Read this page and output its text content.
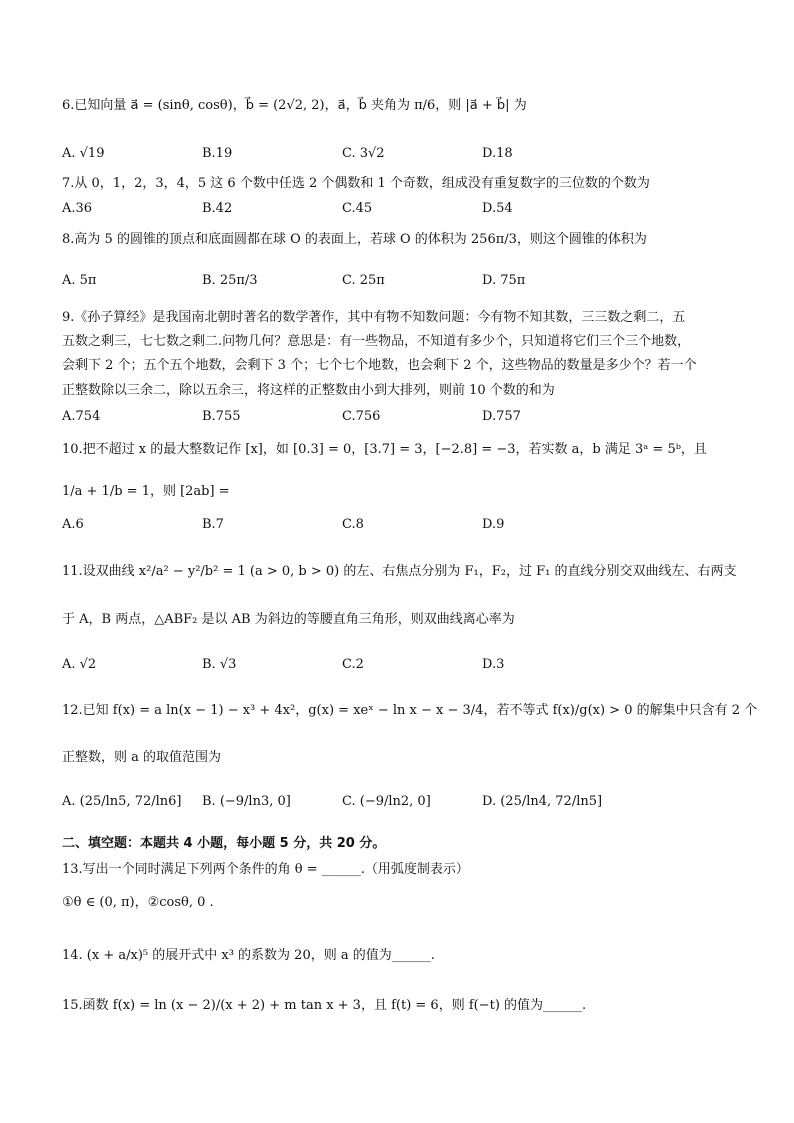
6.已知向量 a⃗ = (sinθ, cosθ)，b⃗ = (2√2, 2)，a⃗，b⃗ 夹角为 π/6，则 |a⃗ + b⃗| 为
A. √19	B.19	C. 3√2	D.18
7.从 0，1，2，3，4，5 这 6 个数中任选 2 个偶数和 1 个奇数，组成没有重复数字的三位数的个数为
A.36	B.42	C.45	D.54
8.高为 5 的圆锥的顶点和底面圆都在球 O 的表面上，若球 O 的体积为 256π/3，则这个圆锥的体积为
A. 5π	B. 25π/3	C. 25π	D. 75π
9.《孙子算经》是我国南北朝时著名的数学著作，其中有物不知数问题：今有物不知其数，三三数之剩二，五
五数之剩三，七七数之剩二.问物几何？意思是：有一些物品，不知道有多少个，只知道将它们三个三个地数，
会剩下 2 个；五个五个地数，会剩下 3 个；七个七个地数，也会剩下 2 个，这些物品的数量是多少个？若一个
正整数除以三余二，除以五余三，将这样的正整数由小到大排列，则前 10 个数的和为
A.754	B.755	C.756	D.757
10.把不超过 x 的最大整数记作 [x]，如 [0.3] = 0，[3.7] = 3，[−2.8] = −3，若实数 a，b 满足 3ᵃ = 5ᵇ，且
1/a + 1/b = 1，则 [2ab] =
A.6	B.7	C.8	D.9
11.设双曲线 x²/a² − y²/b² = 1 (a > 0, b > 0) 的左、右焦点分别为 F₁，F₂，过 F₁ 的直线分别交双曲线左、右两支
于 A，B 两点，△ABF₂ 是以 AB 为斜边的等腰直角三角形，则双曲线离心率为
A. √2	B. √3	C.2	D.3
12.已知 f(x) = a ln(x − 1) − x³ + 4x²，g(x) = xeˣ − ln x − x − 3/4，若不等式 f(x)/g(x) > 0 的解集中只含有 2 个
正整数，则 a 的取值范围为
A. (25/ln5, 72/ln6] B. (−9/ln3, 0]	C. (−9/ln2, 0]	D. (25/ln4, 72/ln5]
二、填空题：本题共 4 小题，每小题 5 分，共 20 分。
13.写出一个同时满足下列两个条件的角 θ = ______.（用弧度制表示）
①θ ∈ (0, π)，②cosθ, 0 .
14. (x + a/x)⁵ 的展开式中 x³ 的系数为 20，则 a 的值为______.
15.函数 f(x) = ln (x − 2)/(x + 2) + m tan x + 3，且 f(t) = 6，则 f(−t) 的值为______.
